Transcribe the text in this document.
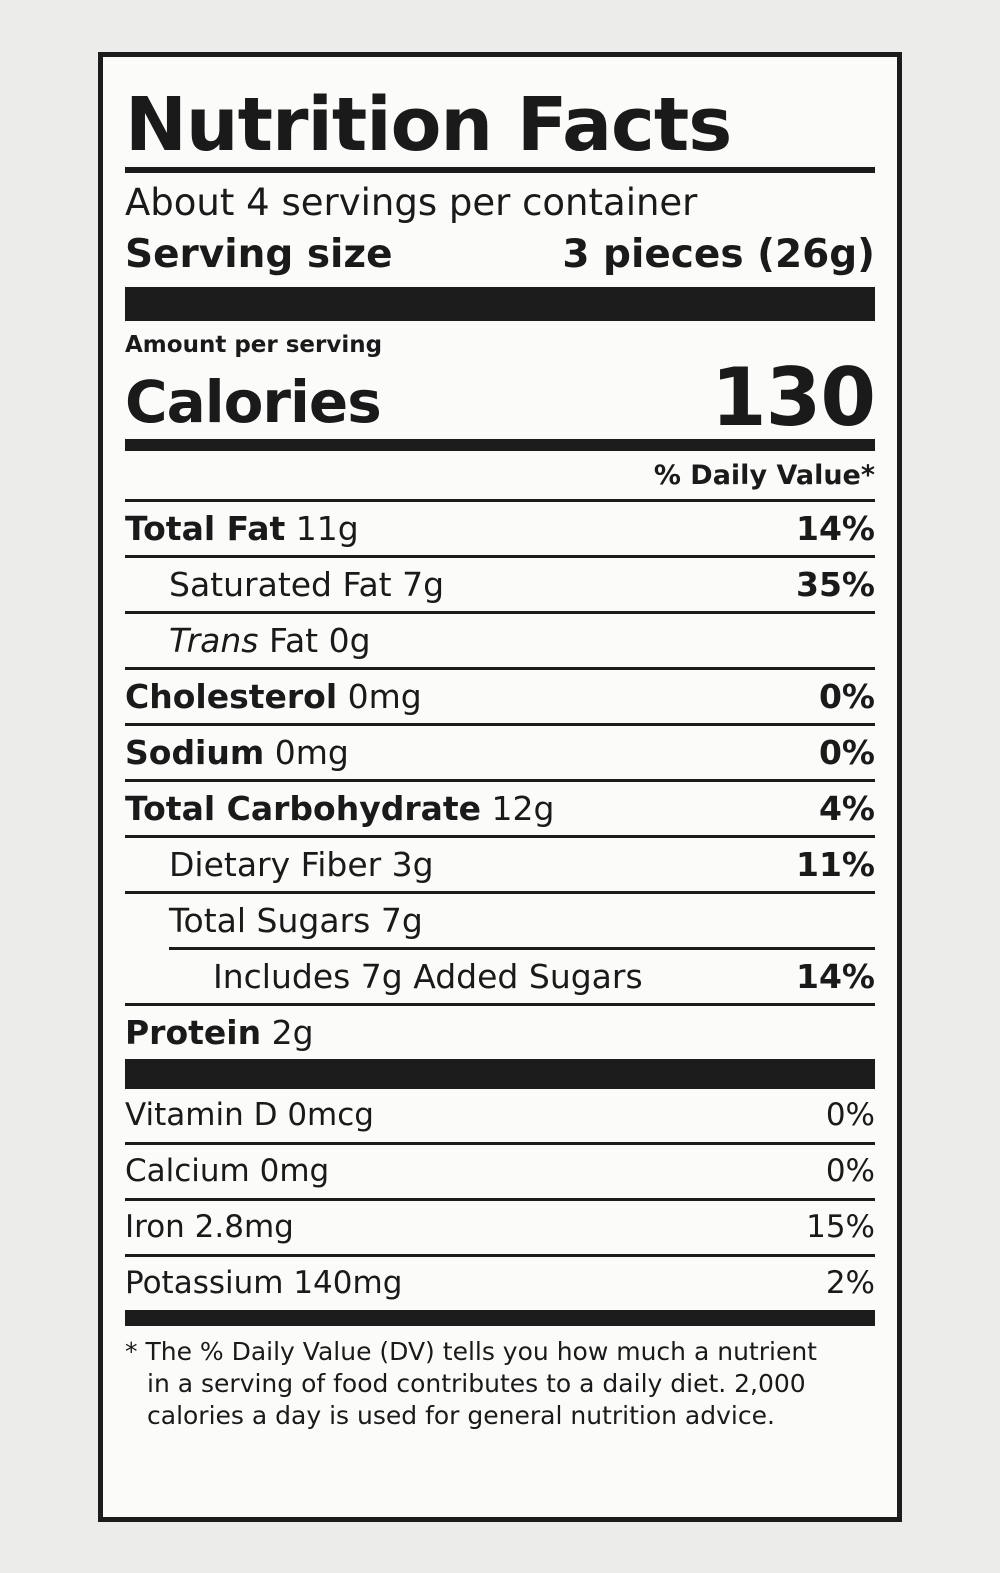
Nutrition Facts
About 4 servings per container
Serving size	3 pieces (26g)
Amount per serving
Calories	130
% Daily Value*
Total Fat 11g	14%
Saturated Fat 7g	35%
Trans Fat 0g
Cholesterol 0mg	0%
Sodium 0mg	0%
Total Carbohydrate 12g	4%
Dietary Fiber 3g	11%
Total Sugars 7g
Includes 7g Added Sugars	14%
Protein 2g
Vitamin D 0mcg	0%
Calcium 0mg	0%
Iron 2.8mg	15%
Potassium 140mg	2%
* The % Daily Value (DV) tells you how much a nutrient
in a serving of food contributes to a daily diet. 2,000
calories a day is used for general nutrition advice.
